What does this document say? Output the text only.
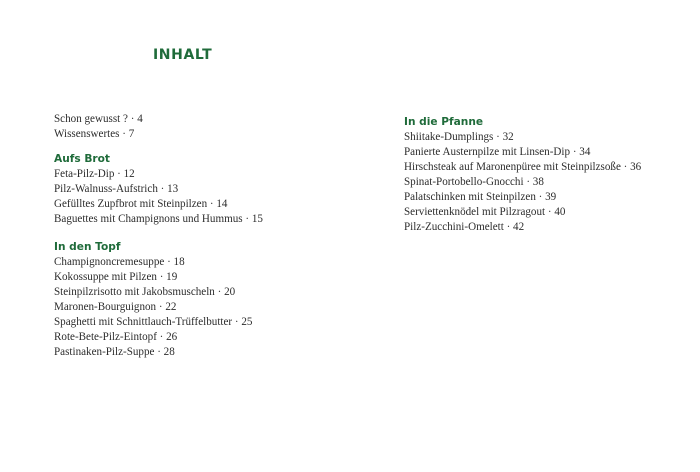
INHALT
Schon gewusst ? · 4
Wissenswertes · 7
Aufs Brot
Feta-Pilz-Dip · 12
Pilz-Walnuss-Aufstrich · 13
Gefülltes Zupfbrot mit Steinpilzen · 14
Baguettes mit Champignons und Hummus · 15
In den Topf
Champignoncremesuppe · 18
Kokossuppe mit Pilzen · 19
Steinpilzrisotto mit Jakobsmuscheln · 20
Maronen-Bourguignon · 22
Spaghetti mit Schnittlauch-Trüffelbutter · 25
Rote-Bete-Pilz-Eintopf · 26
Pastinaken-Pilz-Suppe · 28
In die Pfanne
Shiitake-Dumplings · 32
Panierte Austernpilze mit Linsen-Dip · 34
Hirschsteak auf Maronenpüree mit Steinpilzsoße · 36
Spinat-Portobello-Gnocchi · 38
Palatschinken mit Steinpilzen · 39
Serviettenknödel mit Pilzragout · 40
Pilz-Zucchini-Omelett · 42
